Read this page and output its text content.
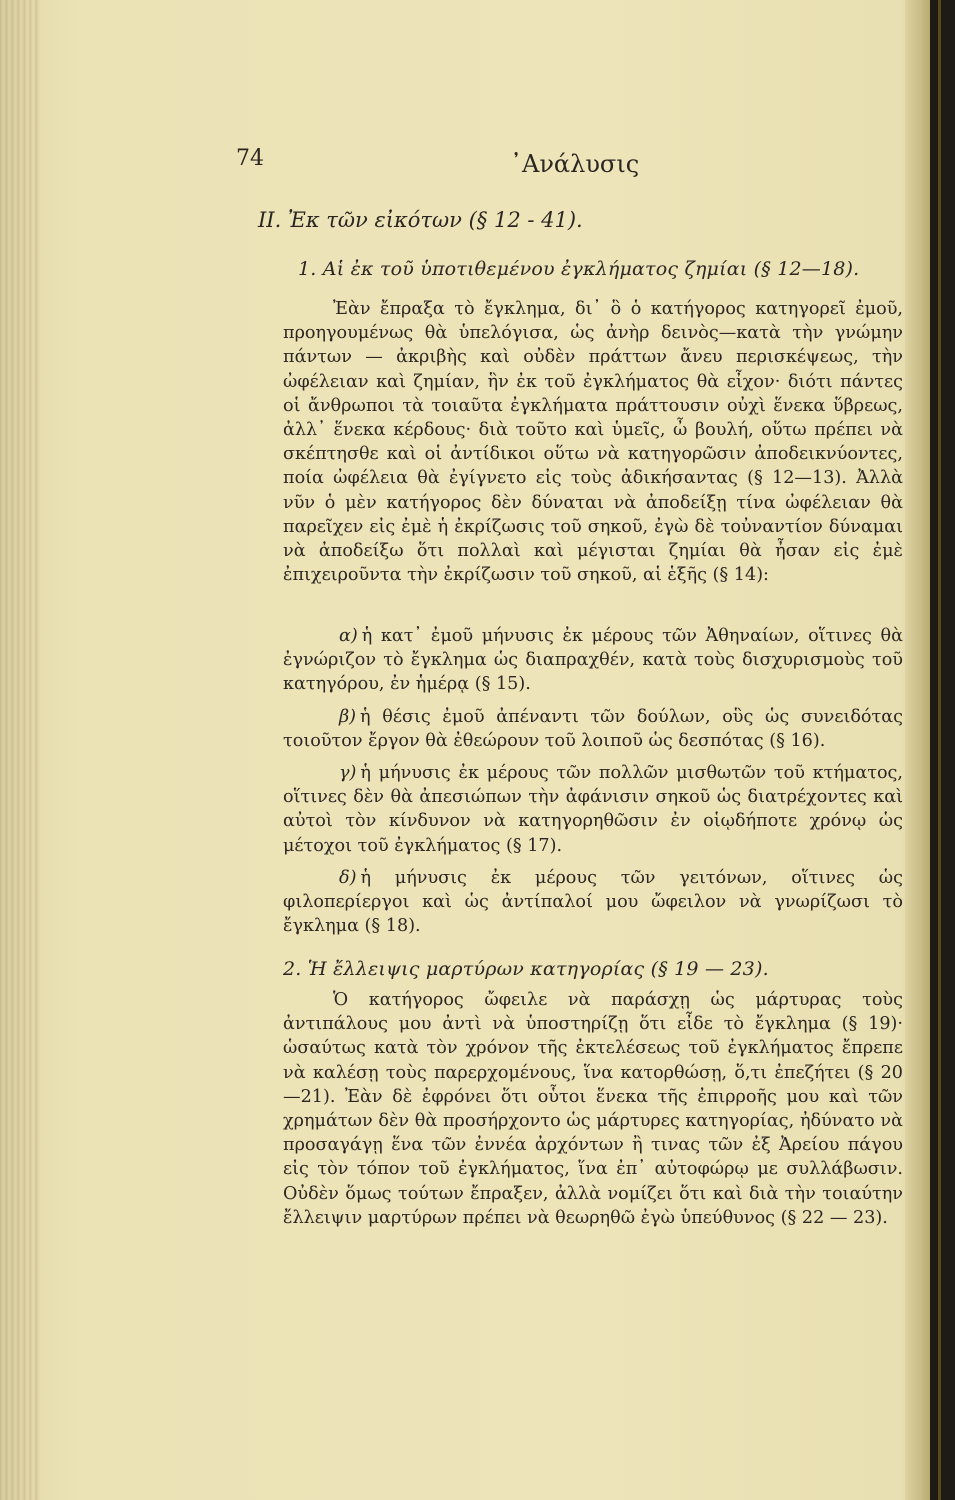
74	᾽Ανάλυσις
ΙΙ. Ἐκ τῶν εἰκότων (§ 12 - 41).
1. Αἱ ἐκ τοῦ ὑποτιθεμένου ἐγκλήματος ζημίαι (§ 12—18).

Ἐὰν ἔπραξα τὸ ἔγκλημα, δι᾽ ὃ ὁ κατήγορος κατηγορεῖ ἐμοῦ, προηγουμένως θὰ ὑπελόγισα, ὡς ἀνὴρ δεινὸς—κατὰ τὴν γνώμην πάντων — ἀκριβὴς καὶ οὐδὲν πράττων ἄνευ περισκέψεως, τὴν ὠφέλειαν καὶ ζημίαν, ἣν ἐκ τοῦ ἐγκλήματος θὰ εἶχον· διότι πάντες οἱ ἄνθρωποι τὰ τοιαῦτα ἐγκλήματα πράττουσιν οὐχὶ ἕνεκα ὕβρεως, ἀλλ᾽ ἕνεκα κέρδους· διὰ τοῦτο καὶ ὑμεῖς, ὦ βουλή, οὕτω πρέπει νὰ σκέπτησθε καὶ οἱ ἀντίδικοι οὕτω νὰ κατηγορῶσιν ἀποδεικνύοντες, ποία ὠφέλεια θὰ ἐγίγνετο εἰς τοὺς ἀδικήσαντας (§ 12—13). Ἀλλὰ νῦν ὁ μὲν κατήγορος δὲν δύναται νὰ ἀποδείξῃ τίνα ὠφέλειαν θὰ παρεῖχεν εἰς ἐμὲ ἡ ἐκρίζωσις τοῦ σηκοῦ, ἐγὼ δὲ τοὐναντίον δύναμαι νὰ ἀποδείξω ὅτι πολλαὶ καὶ μέγισται ζημίαι θὰ ἦσαν εἰς ἐμὲ ἐπιχειροῦντα τὴν ἐκρίζωσιν τοῦ σηκοῦ, αἱ ἑξῆς (§ 14):

α) ἡ κατ᾽ ἐμοῦ μήνυσις ἐκ μέρους τῶν Ἀθηναίων, οἵτινες θὰ ἐγνώριζον τὸ ἔγκλημα ὡς διαπραχθέν, κατὰ τοὺς δισχυρισμοὺς τοῦ κατηγόρου, ἐν ἡμέρᾳ (§ 15).

β) ἡ θέσις ἐμοῦ ἀπέναντι τῶν δούλων, οὓς ὡς συνειδότας τοιοῦτον ἔργον θὰ ἐθεώρουν τοῦ λοιποῦ ὡς δεσπότας (§ 16).

γ) ἡ μήνυσις ἐκ μέρους τῶν πολλῶν μισθωτῶν τοῦ κτήματος, οἵτινες δὲν θὰ ἀπεσιώπων τὴν ἀφάνισιν σηκοῦ ὡς διατρέχοντες καὶ αὐτοὶ τὸν κίνδυνον νὰ κατηγορηθῶσιν ἐν οἱῳδήποτε χρόνῳ ὡς μέτοχοι τοῦ ἐγκλήματος (§ 17).

δ) ἡ μήνυσις ἐκ μέρους τῶν γειτόνων, οἵτινες ὡς φιλοπερίεργοι καὶ ὡς ἀντίπαλοί μου ὤφειλον νὰ γνωρίζωσι τὸ ἔγκλημα (§ 18).

2. Ἡ ἔλλειψις μαρτύρων κατηγορίας (§ 19 — 23).

Ὁ κατήγορος ὤφειλε νὰ παράσχῃ ὡς μάρτυρας τοὺς ἀντιπάλους μου ἀντὶ νὰ ὑποστηρίζῃ ὅτι εἶδε τὸ ἔγκλημα (§ 19)· ὡσαύτως κατὰ τὸν χρόνον τῆς ἐκτελέσεως τοῦ ἐγκλήματος ἔπρεπε νὰ καλέσῃ τοὺς παρερχομένους, ἵνα κατορθώσῃ, ὅ,τι ἐπεζήτει (§ 20—21). Ἐὰν δὲ ἐφρόνει ὅτι οὗτοι ἕνεκα τῆς ἐπιρροῆς μου καὶ τῶν χρημάτων δὲν θὰ προσήρχοντο ὡς μάρτυρες κατηγορίας, ἠδύνατο νὰ προσαγάγῃ ἕνα τῶν ἐννέα ἀρχόντων ἢ τινας τῶν ἐξ Ἀρείου πάγου εἰς τὸν τόπον τοῦ ἐγκλήματος, ἵνα ἐπ᾽ αὐτοφώρῳ με συλλάβωσιν. Οὐδὲν ὅμως τούτων ἔπραξεν, ἀλλὰ νομίζει ὅτι καὶ διὰ τὴν τοιαύτην ἔλλειψιν μαρτύρων πρέπει νὰ θεωρηθῶ ἐγὼ ὑπεύθυνος (§ 22 — 23).
